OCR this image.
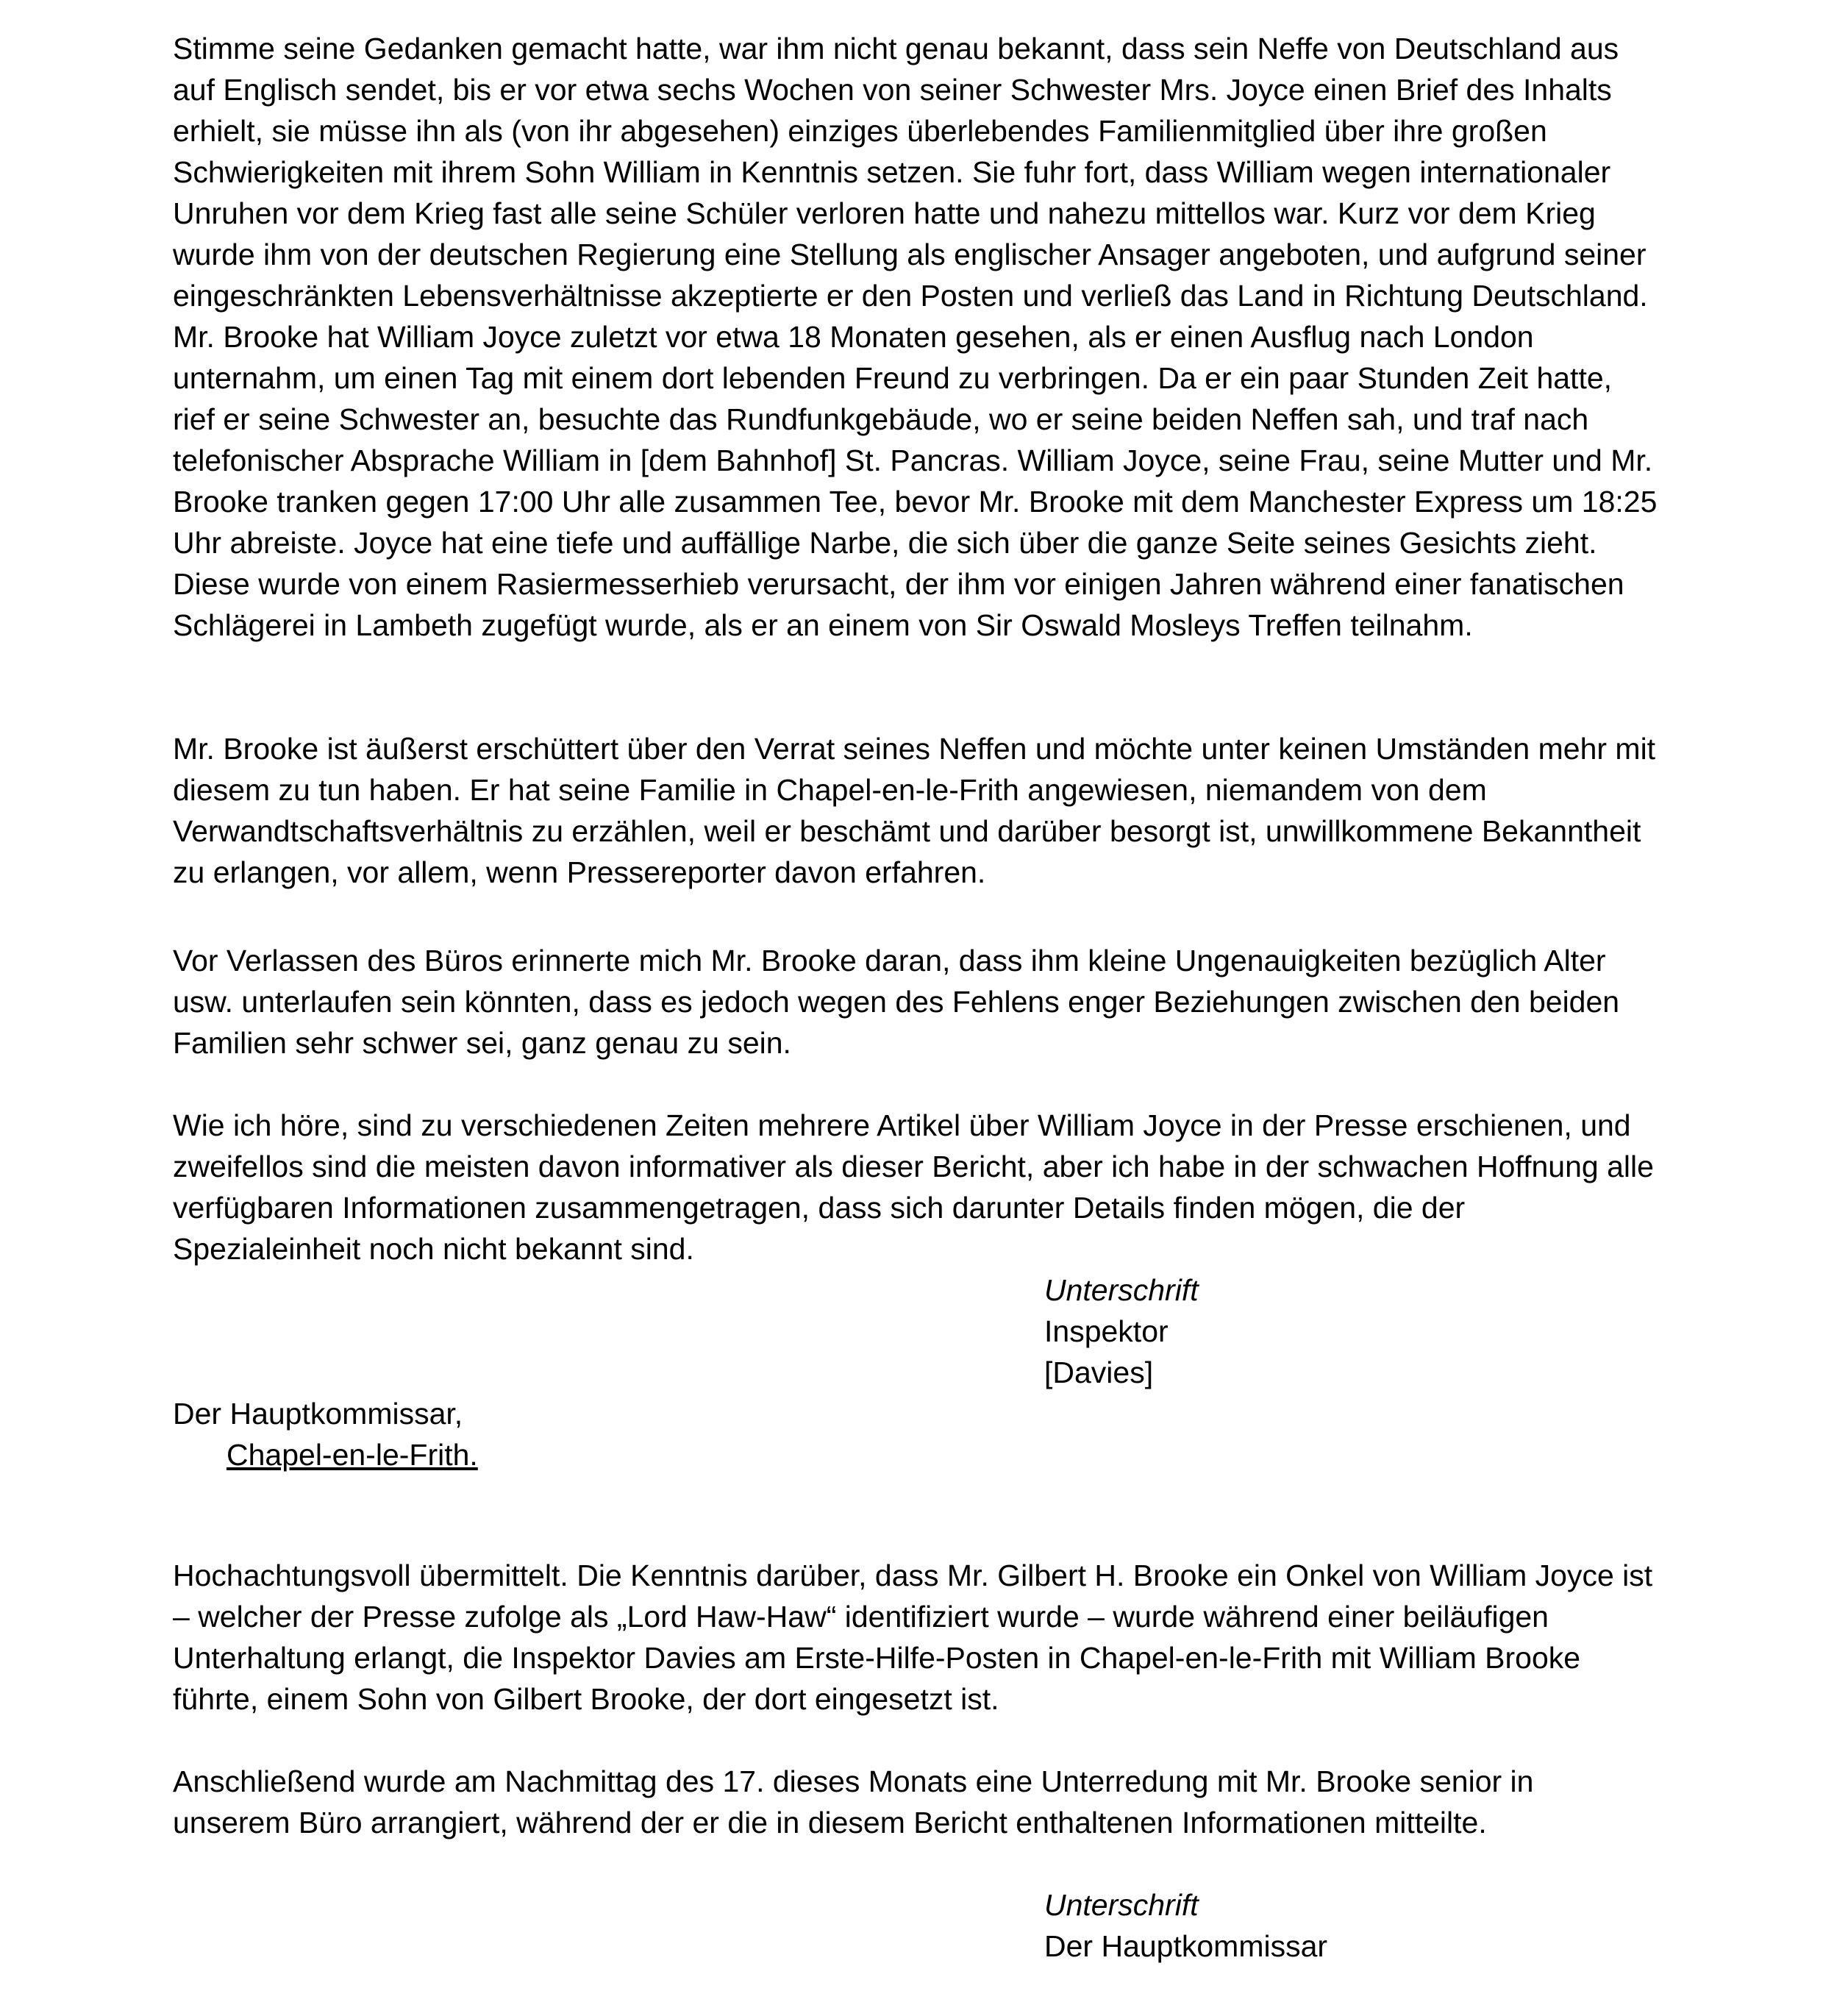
Stimme seine Gedanken gemacht hatte, war ihm nicht genau bekannt, dass sein Neffe von Deutschland aus auf Englisch sendet, bis er vor etwa sechs Wochen von seiner Schwester Mrs. Joyce einen Brief des Inhalts erhielt, sie müsse ihn als (von ihr abgesehen) einziges überlebendes Familienmitglied über ihre großen Schwierigkeiten mit ihrem Sohn William in Kenntnis setzen. Sie fuhr fort, dass William wegen internationaler Unruhen vor dem Krieg fast alle seine Schüler verloren hatte und nahezu mittellos war. Kurz vor dem Krieg wurde ihm von der deutschen Regierung eine Stellung als englischer Ansager angeboten, und aufgrund seiner eingeschränkten Lebensverhältnisse akzeptierte er den Posten und verließ das Land in Richtung Deutschland. Mr. Brooke hat William Joyce zuletzt vor etwa 18 Monaten gesehen, als er einen Ausflug nach London unternahm, um einen Tag mit einem dort lebenden Freund zu verbringen. Da er ein paar Stunden Zeit hatte, rief er seine Schwester an, besuchte das Rundfunkgebäude, wo er seine beiden Neffen sah, und traf nach telefonischer Absprache William in [dem Bahnhof] St. Pancras. William Joyce, seine Frau, seine Mutter und Mr. Brooke tranken gegen 17:00 Uhr alle zusammen Tee, bevor Mr. Brooke mit dem Manchester Express um 18:25 Uhr abreiste. Joyce hat eine tiefe und auffällige Narbe, die sich über die ganze Seite seines Gesichts zieht. Diese wurde von einem Rasiermesserhieb verursacht, der ihm vor einigen Jahren während einer fanatischen Schlägerei in Lambeth zugefügt wurde, als er an einem von Sir Oswald Mosleys Treffen teilnahm.

Mr. Brooke ist äußerst erschüttert über den Verrat seines Neffen und möchte unter keinen Umständen mehr mit diesem zu tun haben. Er hat seine Familie in Chapel-en-le-Frith angewiesen, niemandem von dem Verwandtschaftsverhältnis zu erzählen, weil er beschämt und darüber besorgt ist, unwillkommene Bekanntheit zu erlangen, vor allem, wenn Pressereporter davon erfahren.

Vor Verlassen des Büros erinnerte mich Mr. Brooke daran, dass ihm kleine Ungenauigkeiten bezüglich Alter usw. unterlaufen sein könnten, dass es jedoch wegen des Fehlens enger Beziehungen zwischen den beiden Familien sehr schwer sei, ganz genau zu sein.

Wie ich höre, sind zu verschiedenen Zeiten mehrere Artikel über William Joyce in der Presse erschienen, und zweifellos sind die meisten davon informativer als dieser Bericht, aber ich habe in der schwachen Hoffnung alle verfügbaren Informationen zusammengetragen, dass sich darunter Details finden mögen, die der Spezialeinheit noch nicht bekannt sind.

Unterschrift
Inspektor
[Davies]
Der Hauptkommissar,
Chapel-en-le-Frith.

Hochachtungsvoll übermittelt. Die Kenntnis darüber, dass Mr. Gilbert H. Brooke ein Onkel von William Joyce ist – welcher der Presse zufolge als „Lord Haw-Haw“ identifiziert wurde – wurde während einer beiläufigen Unterhaltung erlangt, die Inspektor Davies am Erste-Hilfe-Posten in Chapel-en-le-Frith mit William Brooke führte, einem Sohn von Gilbert Brooke, der dort eingesetzt ist.

Anschließend wurde am Nachmittag des 17. dieses Monats eine Unterredung mit Mr. Brooke senior in unserem Büro arrangiert, während der er die in diesem Bericht enthaltenen Informationen mitteilte.

Unterschrift
Der Hauptkommissar
